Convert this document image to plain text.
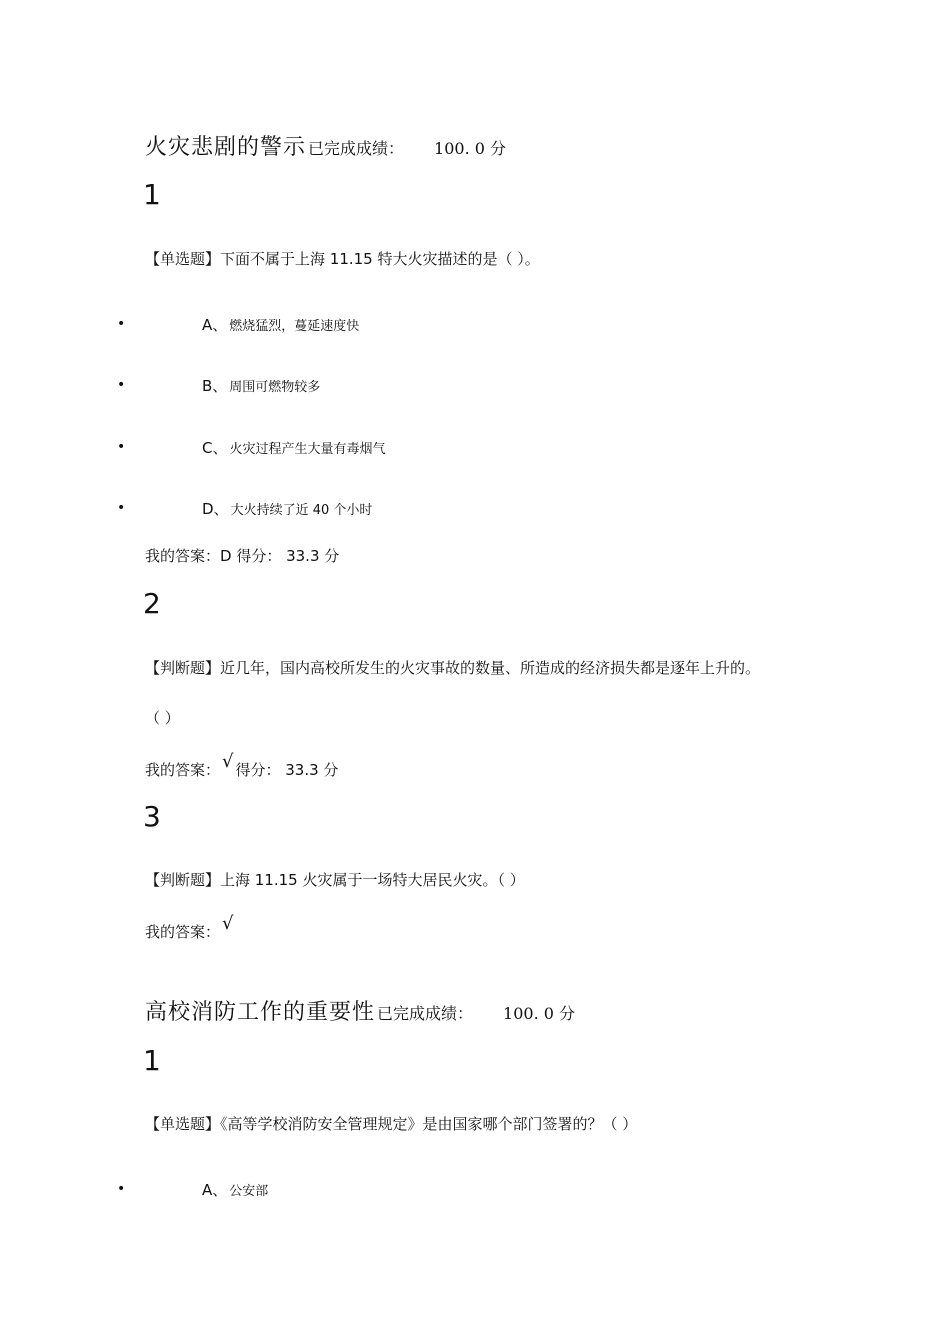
火灾悲剧的警示 已完成成绩： 100. 0 分
1
【单选题】下面不属于上海 11.15 特大火灾描述的是（ ）。
•	A、 燃烧猛烈，蔓延速度快
•	B、 周围可燃物较多
•	C、 火灾过程产生大量有毒烟气
•	D、 大火持续了近 40 个小时
我的答案：D 得分： 33.3 分
2
【判断题】近几年，国内高校所发生的火灾事故的数量、所造成的经济损失都是逐年上升的。
（ ）
我的答案： √ 得分： 33.3 分
3
【判断题】上海 11.15 火灾属于一场特大居民火灾。（ ）
我的答案： √
高校消防工作的重要性 已完成成绩： 100. 0 分
1
【单选题】《高等学校消防安全管理规定》是由国家哪个部门签署的？（ ）
•	A、 公安部
